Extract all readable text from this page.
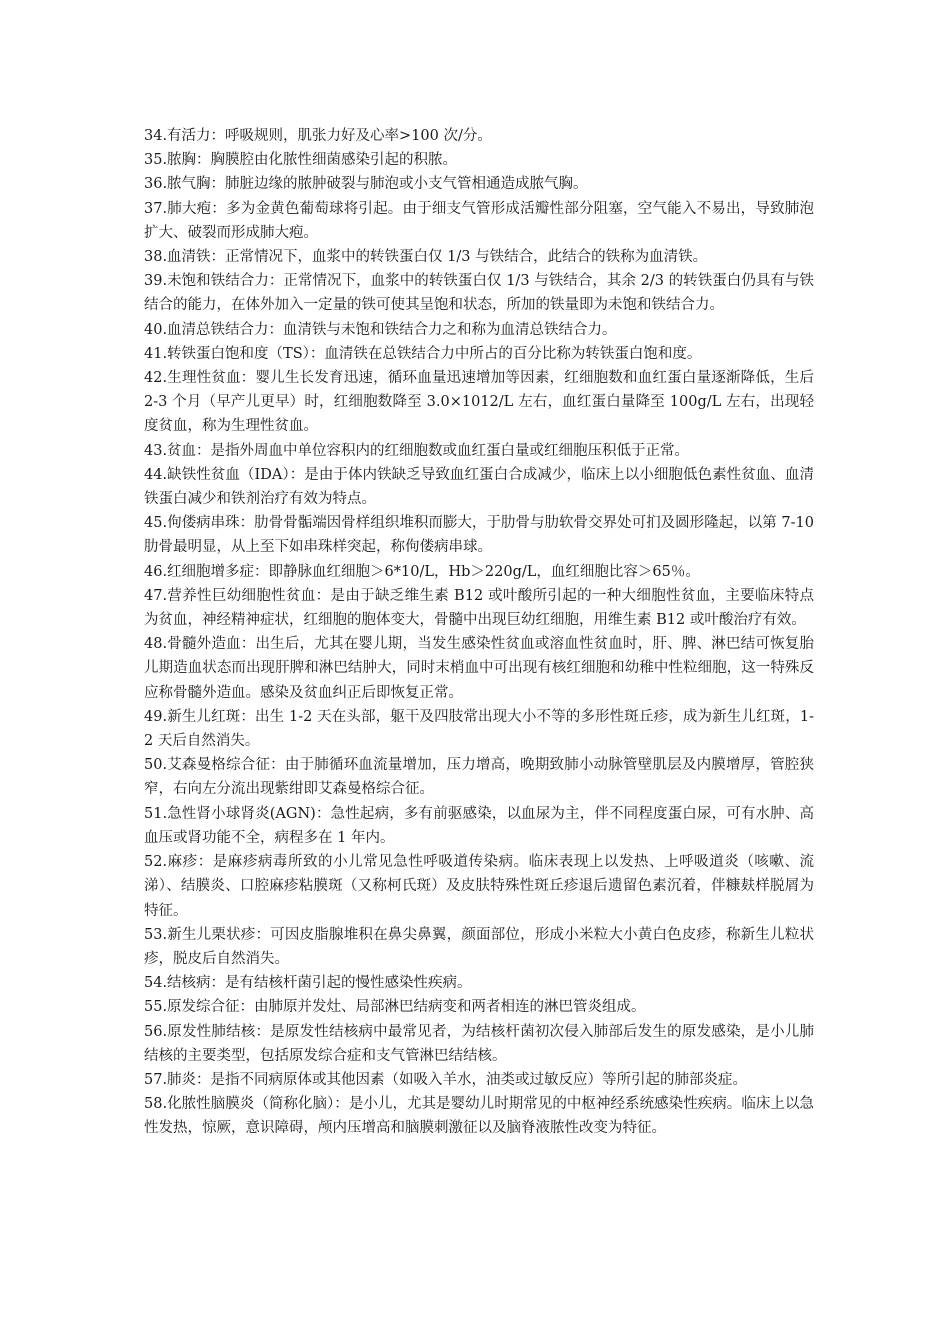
34.有活力：呼吸规则，肌张力好及心率>100 次/分。

35.脓胸：胸膜腔由化脓性细菌感染引起的积脓。

36.脓气胸：肺脏边缘的脓肿破裂与肺泡或小支气管相通造成脓气胸。

37.肺大疱：多为金黄色葡萄球将引起。由于细支气管形成活瓣性部分阻塞，空气能入不易出，导致肺泡扩大、破裂而形成肺大疱。

38.血清铁：正常情况下，血浆中的转铁蛋白仅 1/3 与铁结合，此结合的铁称为血清铁。

39.未饱和铁结合力：正常情况下，血浆中的转铁蛋白仅 1/3 与铁结合，其余 2/3 的转铁蛋白仍具有与铁结合的能力，在体外加入一定量的铁可使其呈饱和状态，所加的铁量即为未饱和铁结合力。

40.血清总铁结合力：血清铁与未饱和铁结合力之和称为血清总铁结合力。

41.转铁蛋白饱和度（TS）：血清铁在总铁结合力中所占的百分比称为转铁蛋白饱和度。

42.生理性贫血：婴儿生长发育迅速，循环血量迅速增加等因素，红细胞数和血红蛋白量逐渐降低，生后 2-3 个月（早产儿更早）时，红细胞数降至 3.0×1012/L 左右，血红蛋白量降至 100g/L 左右，出现轻度贫血，称为生理性贫血。

43.贫血：是指外周血中单位容积内的红细胞数或血红蛋白量或红细胞压积低于正常。

44.缺铁性贫血（IDA）：是由于体内铁缺乏导致血红蛋白合成减少，临床上以小细胞低色素性贫血、血清铁蛋白减少和铁剂治疗有效为特点。

45.佝偻病串珠：肋骨骨骺端因骨样组织堆积而膨大，于肋骨与肋软骨交界处可扪及圆形隆起，以第 7-10 肋骨最明显，从上至下如串珠样突起，称佝偻病串球。

46.红细胞增多症：即静脉血红细胞＞6*10/L，Hb＞220g/L，血红细胞比容＞65％。

47.营养性巨幼细胞性贫血：是由于缺乏维生素 B12 或叶酸所引起的一种大细胞性贫血，主要临床特点为贫血，神经精神症状，红细胞的胞体变大，骨髓中出现巨幼红细胞，用维生素 B12 或叶酸治疗有效。

48.骨髓外造血：出生后，尤其在婴儿期，当发生感染性贫血或溶血性贫血时，肝、脾、淋巴结可恢复胎儿期造血状态而出现肝脾和淋巴结肿大，同时末梢血中可出现有核红细胞和幼稚中性粒细胞，这一特殊反应称骨髓外造血。感染及贫血纠正后即恢复正常。

49.新生儿红斑：出生 1-2 天在头部，躯干及四肢常出现大小不等的多形性斑丘疹，成为新生儿红斑，1-2 天后自然消失。

50.艾森曼格综合征：由于肺循环血流量增加，压力增高，晚期致肺小动脉管壁肌层及内膜增厚，管腔狭窄，右向左分流出现紫绀即艾森曼格综合征。

51.急性肾小球肾炎(AGN)：急性起病，多有前驱感染，以血尿为主，伴不同程度蛋白尿，可有水肿、高血压或肾功能不全，病程多在 1 年内。

52.麻疹：是麻疹病毒所致的小儿常见急性呼吸道传染病。临床表现上以发热、上呼吸道炎（咳嗽、流涕）、结膜炎、口腔麻疹粘膜斑（又称柯氏斑）及皮肤特殊性斑丘疹退后遗留色素沉着，伴糠麸样脱屑为特征。

53.新生儿栗状疹：可因皮脂腺堆积在鼻尖鼻翼，颜面部位，形成小米粒大小黄白色皮疹，称新生儿粒状疹，脱皮后自然消失。

54.结核病：是有结核杆菌引起的慢性感染性疾病。

55.原发综合征：由肺原并发灶、局部淋巴结病变和两者相连的淋巴管炎组成。

56.原发性肺结核：是原发性结核病中最常见者，为结核杆菌初次侵入肺部后发生的原发感染，是小儿肺结核的主要类型，包括原发综合症和支气管淋巴结结核。

57.肺炎：是指不同病原体或其他因素（如吸入羊水，油类或过敏反应）等所引起的肺部炎症。

58.化脓性脑膜炎（简称化脑）：是小儿，尤其是婴幼儿时期常见的中枢神经系统感染性疾病。临床上以急性发热，惊厥，意识障碍，颅内压增高和脑膜刺激征以及脑脊液脓性改变为特征。
